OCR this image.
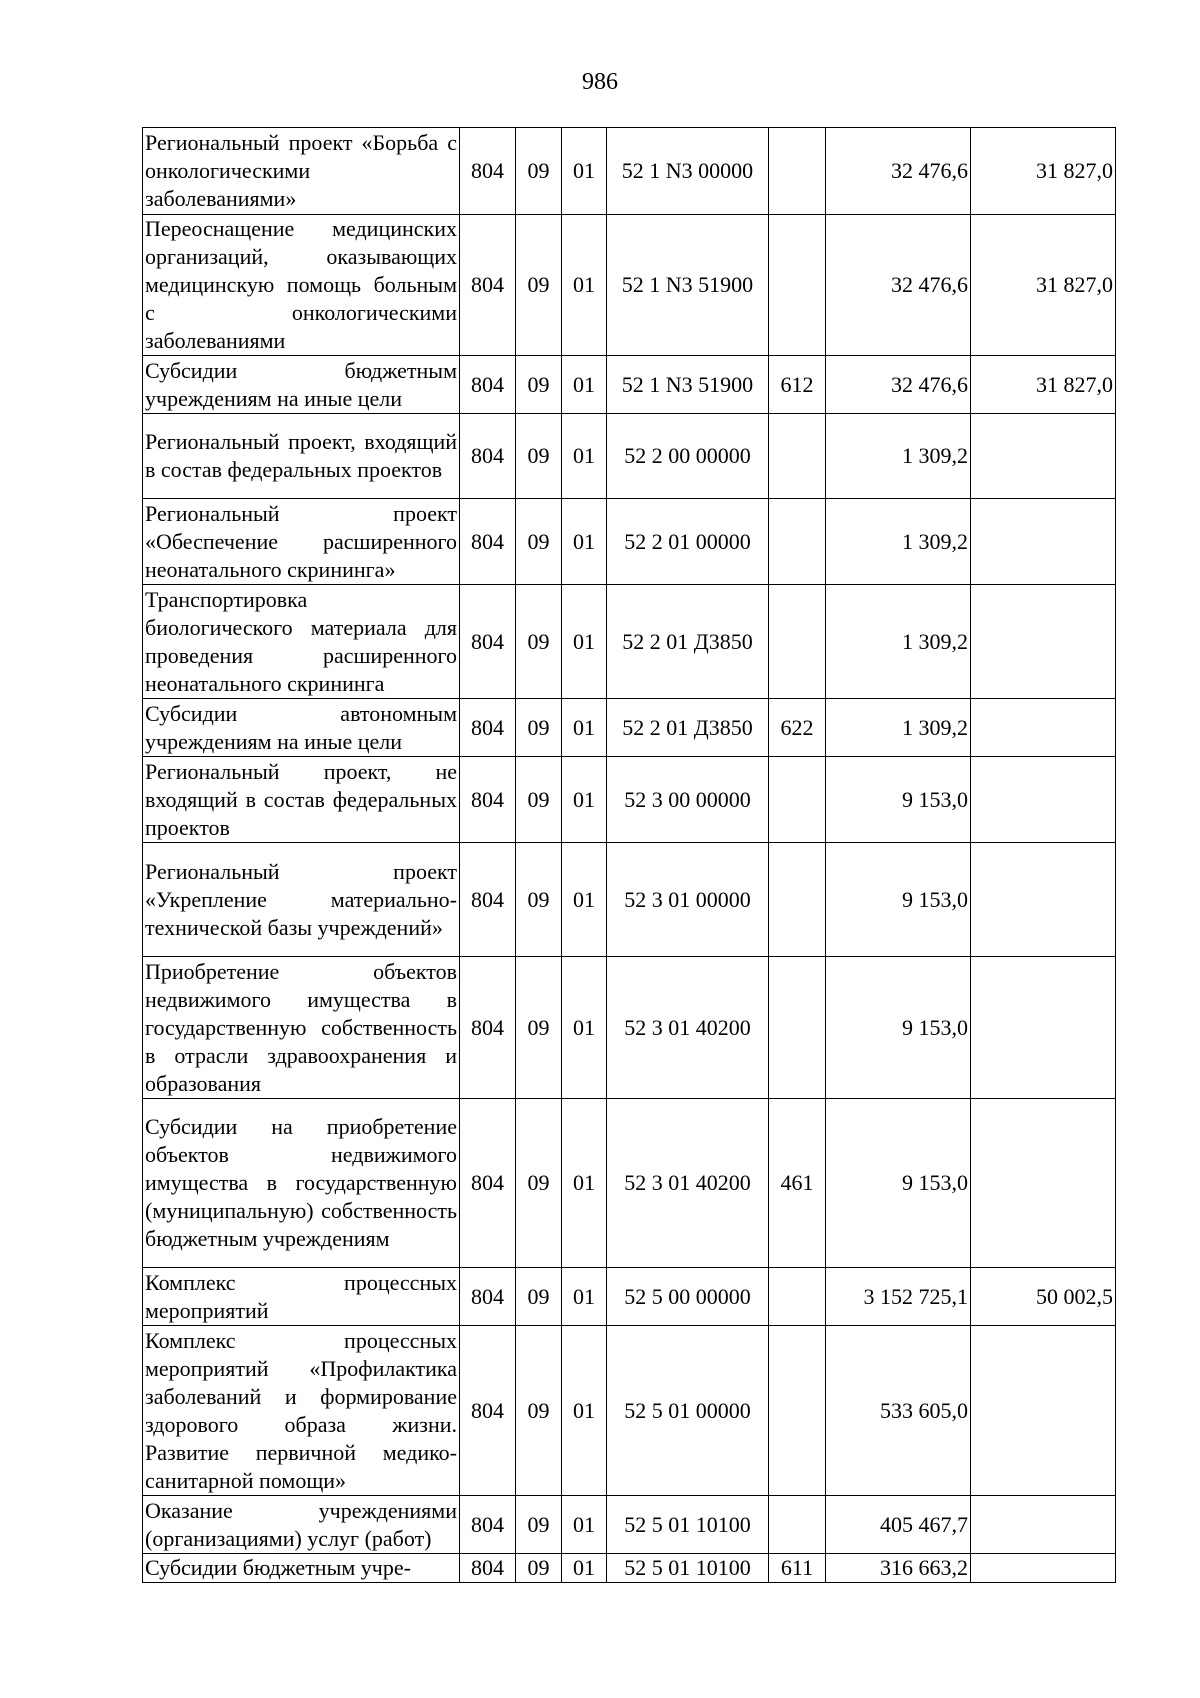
986
Региональный проект «Борьба с онкологическими заболеваниями»	804	09	01	52 1 N3 00000		32 476,6	31 827,0
Переоснащение медицинских организаций, оказывающих медицинскую помощь больным с онкологическими заболеваниями	804	09	01	52 1 N3 51900		32 476,6	31 827,0
Субсидии бюджетным учреждениям на иные цели	804	09	01	52 1 N3 51900	612	32 476,6	31 827,0
Региональный проект, входящий в состав федеральных проектов	804	09	01	52 2 00 00000		1 309,2	
Региональный проект «Обеспечение расширенного неонатального скрининга»	804	09	01	52 2 01 00000		1 309,2	
Транспортировка биологического материала для проведения расширенного неонатального скрининга	804	09	01	52 2 01 Д3850		1 309,2	
Субсидии автономным учреждениям на иные цели	804	09	01	52 2 01 Д3850	622	1 309,2	
Региональный проект, не входящий в состав федеральных проектов	804	09	01	52 3 00 00000		9 153,0	
Региональный проект «Укрепление материально-технической базы учреждений»	804	09	01	52 3 01 00000		9 153,0	
Приобретение объектов недвижимого имущества в государственную собственность в отрасли здравоохранения и образования	804	09	01	52 3 01 40200		9 153,0	
Субсидии на приобретение объектов недвижимого имущества в государственную (муниципальную) собственность бюджетным учреждениям	804	09	01	52 3 01 40200	461	9 153,0	
Комплекс процессных мероприятий	804	09	01	52 5 00 00000		3 152 725,1	50 002,5
Комплекс процессных мероприятий «Профилактика заболеваний и формирование здорового образа жизни. Развитие первичной медико-санитарной помощи»	804	09	01	52 5 01 00000		533 605,0	
Оказание учреждениями (организациями) услуг (работ)	804	09	01	52 5 01 10100		405 467,7	
Субсидии бюджетным учре-	804	09	01	52 5 01 10100	611	316 663,2	
